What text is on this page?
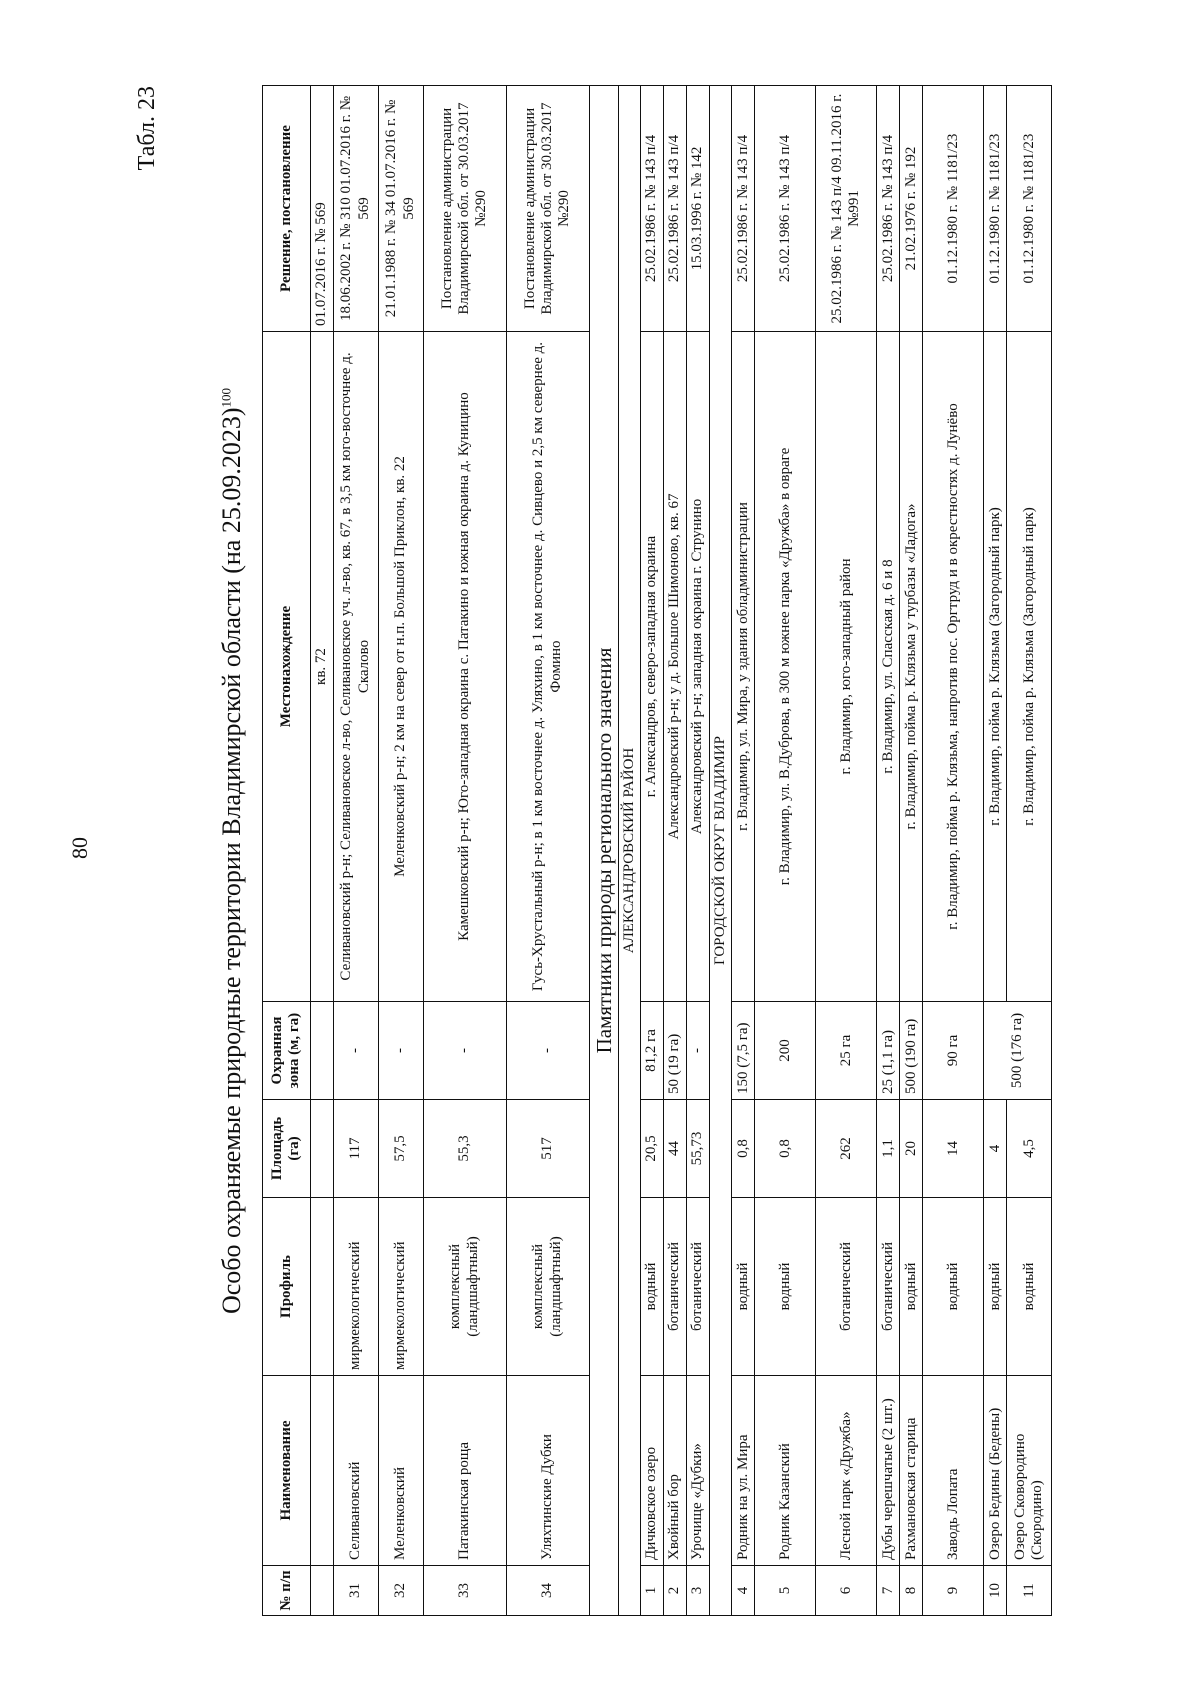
80
Табл. 23
Особо охраняемые природные территории Владимирской области (на 25.09.2023)$^{100}$
№ п/п	Наименование	Профиль	Площадь (га)	Охранная зона (м, га)	Местонахождение	Решение, постановление
					кв. 72	01.07.2016 г. № 569
31	Селивановский	мирмекологический	117	-	Селивановский р-н; Селивановское л-во, Селивановское уч. л-во, кв. 67, в 3,5 км юго-восточнее д. Скалово	18.06.2002 г. № 310 01.07.2016 г. № 569
32	Меленковский	мирмекологический	57,5	-	Меленковский р-н; 2 км на север от н.п. Большой Приклон, кв. 22	21.01.1988 г. № 34 01.07.2016 г. № 569
33	Патакинская роща	комплексный (ландшафтный)	55,3	-	Камешковский р-н; Юго-западная окраина с. Патакино и южная окраина д. Куницино	Постановление администрации Владимирской обл. от 30.03.2017 №290
34	Уляхтинские Дубки	комплексный (ландшафтный)	517	-	Гусь-Хрустальный р-н; в 1 км восточнее д. Уляхино, в 1 км восточнее д. Сивцево и 2,5 км севернее д. Фомино	Постановление администрации Владимирской обл. от 30.03.2017 №290
Памятники природы регионального значения						
АЛЕКСАНДРОВСКИЙ РАЙОН						
1	Дичковское озеро	водный	20,5	81,2 га	г. Александров, северо-западная окраина	25.02.1986 г. № 143 п/4
2	Хвойный бор	ботанический	44	50 (19 га)	Александровский р-н; у д. Большое Шимоново, кв. 67	25.02.1986 г. № 143 п/4
3	Урочище «Дубки»	ботанический	55,73	-	Александровский р-н; западная окраина г. Струнино	15.03.1996 г. № 142
ГОРОДСКОЙ ОКРУГ ВЛАДИМИР						
4	Родник на ул. Мира	водный	0,8	150 (7,5 га)	г. Владимир, ул. Мира, у здания обладминистрации	25.02.1986 г. № 143 п/4
5	Родник Казанский	водный	0,8	200	г. Владимир, ул. В.Дуброва, в 300 м южнее парка «Дружба» в овраге	25.02.1986 г. № 143 п/4
6	Лесной парк «Дружба»	ботанический	262	25 га	г. Владимир, юго-западный район	25.02.1986 г. № 143 п/4 09.11.2016 г. №991
7	Дубы черешчатые (2 шт.)	ботанический	1,1	25 (1,1 га)	г. Владимир, ул. Спасская д. 6 и 8	25.02.1986 г. № 143 п/4
8	Рахмановская старица	водный	20	500 (190 га)	г. Владимир, пойма р. Клязьма у турбазы «Ладога»	21.02.1976 г. № 192
9	Заводь Лопата	водный	14	90 га	г. Владимир, пойма р. Клязьма, напротив пос. Оргтруд и в окрестностях д. Лунёво	01.12.1980 г. № 1181/23
10	Озеро Бедины (Бедены)	водный	4	500 (176 га)	г. Владимир, пойма р. Клязьма (Загородный парк)	01.12.1980 г. № 1181/23
11	Озеро Сковородино (Скородино)	водный	4,5		г. Владимир, пойма р. Клязьма (Загородный парк)	01.12.1980 г. № 1181/23
